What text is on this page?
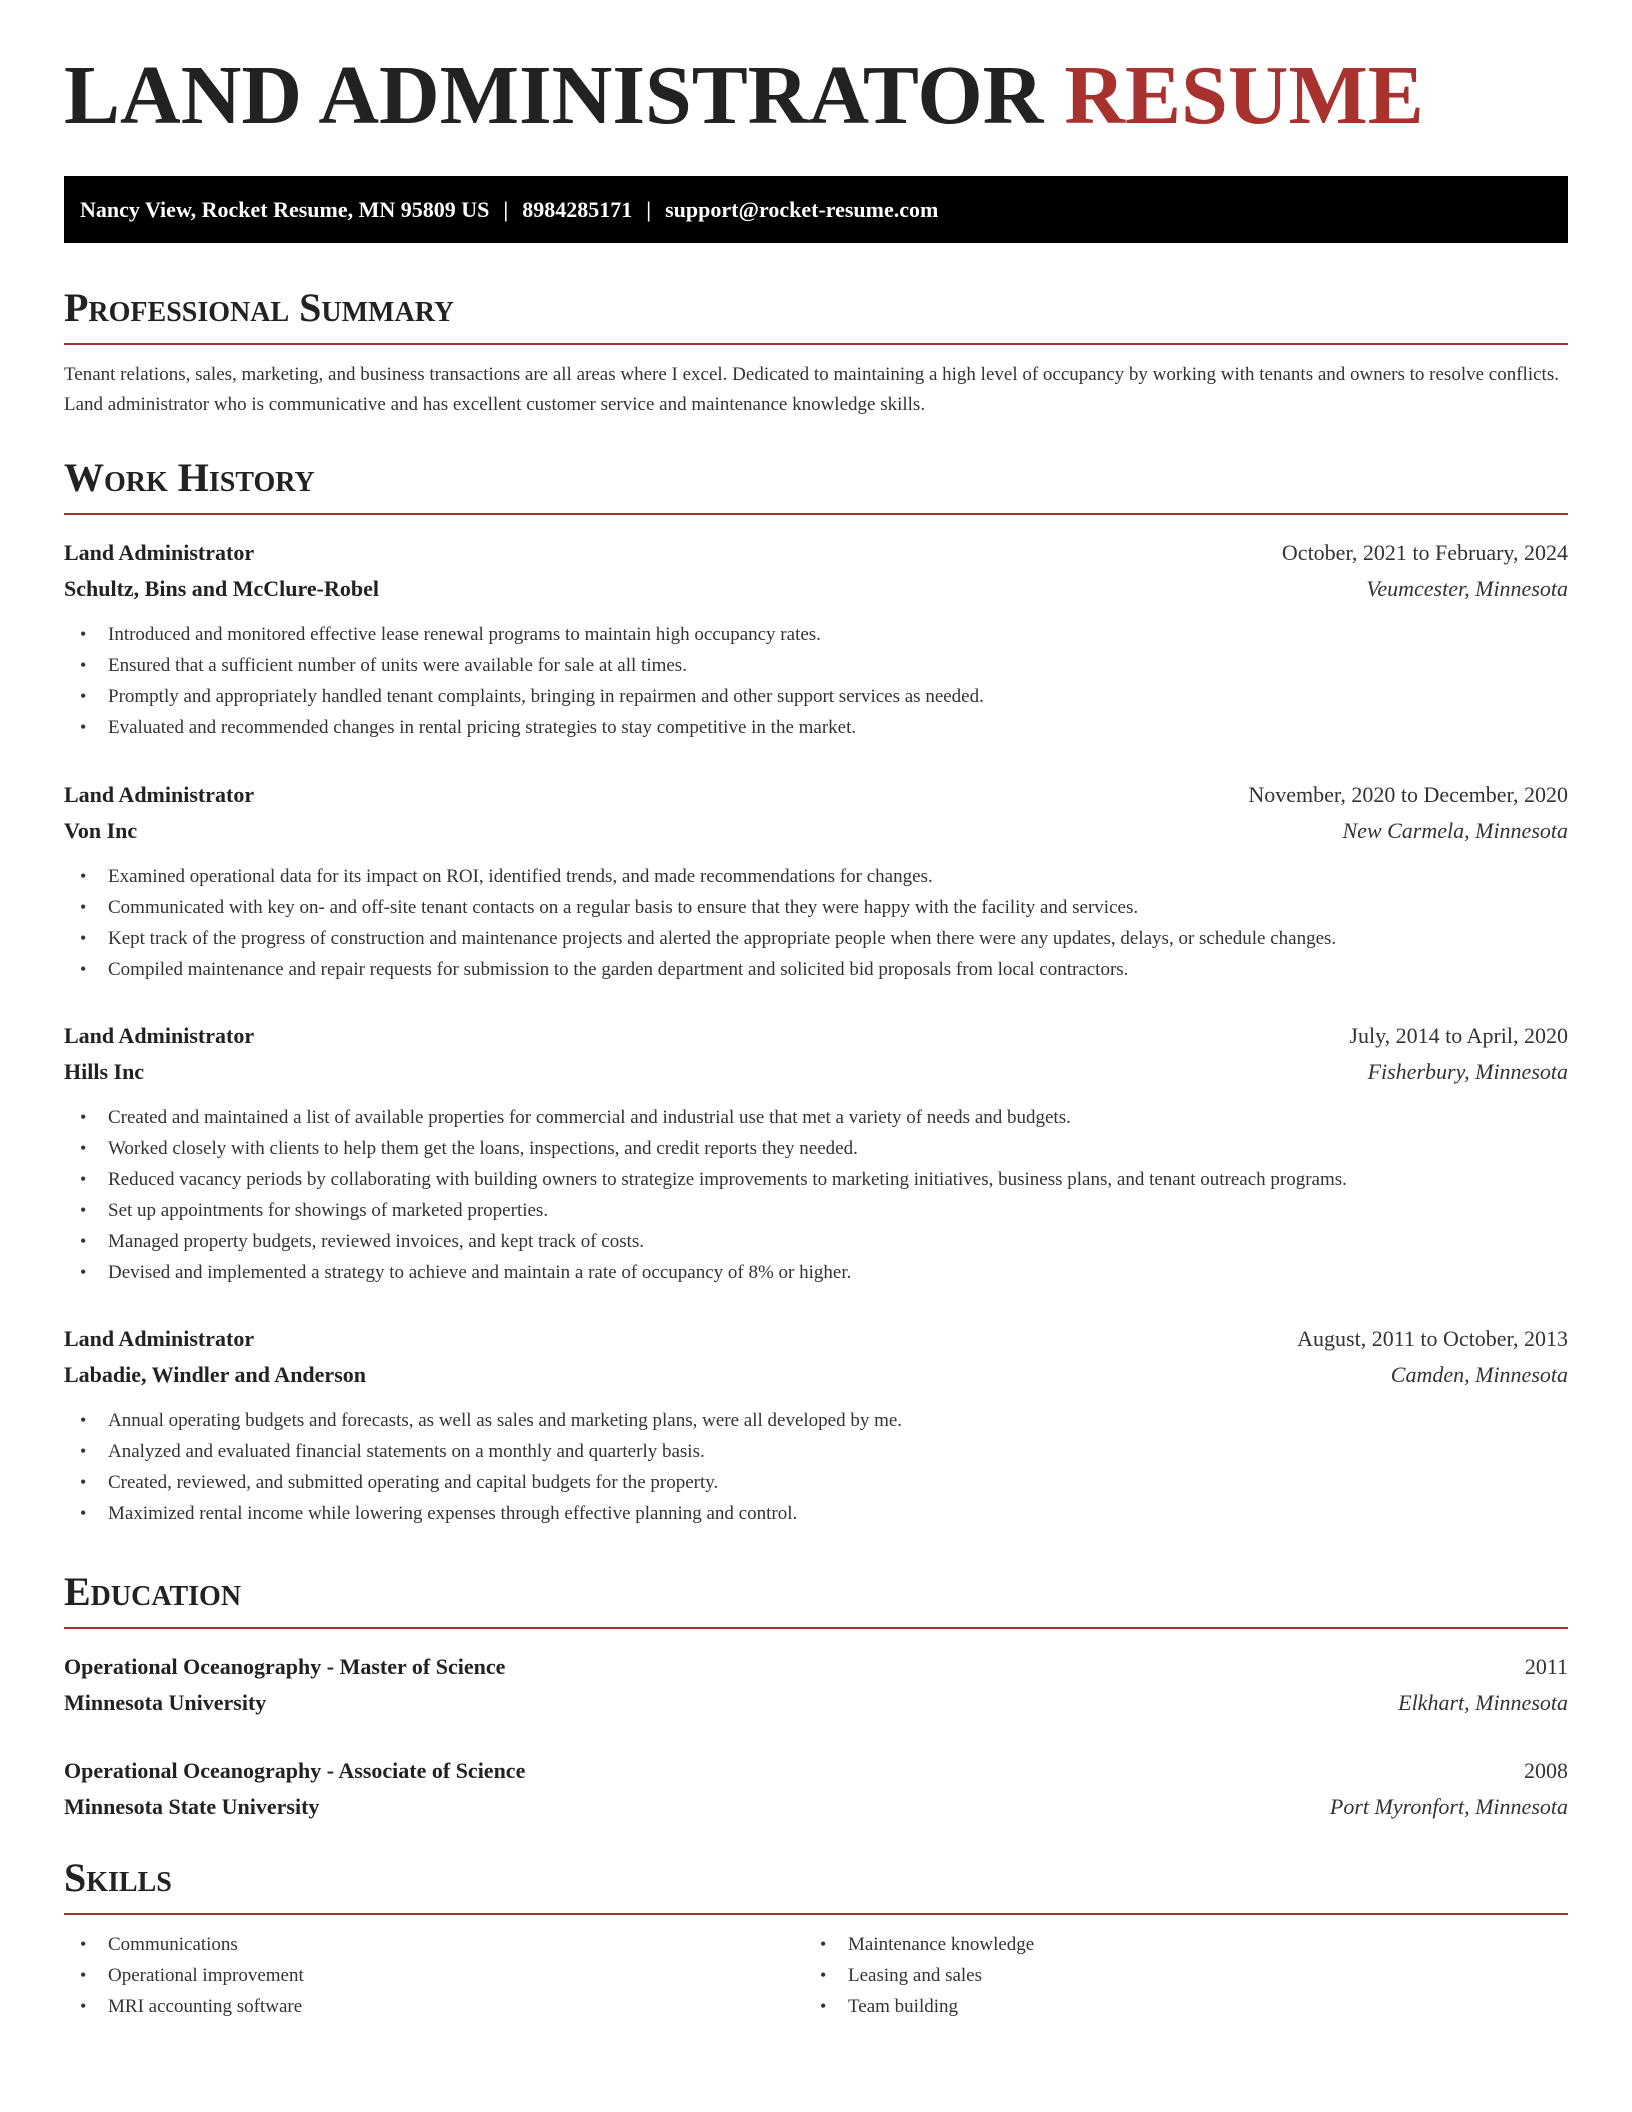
LAND ADMINISTRATOR RESUME
Nancy View, Rocket Resume, MN 95809 US | 8984285171 | support@rocket-resume.com
Professional Summary
Tenant relations, sales, marketing, and business transactions are all areas where I excel. Dedicated to maintaining a high level of occupancy by working with tenants and owners to resolve conflicts. Land administrator who is communicative and has excellent customer service and maintenance knowledge skills.
Work History
Land Administrator	October, 2021 to February, 2024
Schultz, Bins and McClure-Robel	Veumcester, Minnesota
• Introduced and monitored effective lease renewal programs to maintain high occupancy rates.
• Ensured that a sufficient number of units were available for sale at all times.
• Promptly and appropriately handled tenant complaints, bringing in repairmen and other support services as needed.
• Evaluated and recommended changes in rental pricing strategies to stay competitive in the market.
Land Administrator	November, 2020 to December, 2020
Von Inc	New Carmela, Minnesota
• Examined operational data for its impact on ROI, identified trends, and made recommendations for changes.
• Communicated with key on- and off-site tenant contacts on a regular basis to ensure that they were happy with the facility and services.
• Kept track of the progress of construction and maintenance projects and alerted the appropriate people when there were any updates, delays, or schedule changes.
• Compiled maintenance and repair requests for submission to the garden department and solicited bid proposals from local contractors.
Land Administrator	July, 2014 to April, 2020
Hills Inc	Fisherbury, Minnesota
• Created and maintained a list of available properties for commercial and industrial use that met a variety of needs and budgets.
• Worked closely with clients to help them get the loans, inspections, and credit reports they needed.
• Reduced vacancy periods by collaborating with building owners to strategize improvements to marketing initiatives, business plans, and tenant outreach programs.
• Set up appointments for showings of marketed properties.
• Managed property budgets, reviewed invoices, and kept track of costs.
• Devised and implemented a strategy to achieve and maintain a rate of occupancy of 8% or higher.
Land Administrator	August, 2011 to October, 2013
Labadie, Windler and Anderson	Camden, Minnesota
• Annual operating budgets and forecasts, as well as sales and marketing plans, were all developed by me.
• Analyzed and evaluated financial statements on a monthly and quarterly basis.
• Created, reviewed, and submitted operating and capital budgets for the property.
• Maximized rental income while lowering expenses through effective planning and control.
Education
Operational Oceanography - Master of Science	2011
Minnesota University	Elkhart, Minnesota
Operational Oceanography - Associate of Science	2008
Minnesota State University	Port Myronfort, Minnesota
Skills
• Communications
• Operational improvement
• MRI accounting software
• Maintenance knowledge
• Leasing and sales
• Team building
